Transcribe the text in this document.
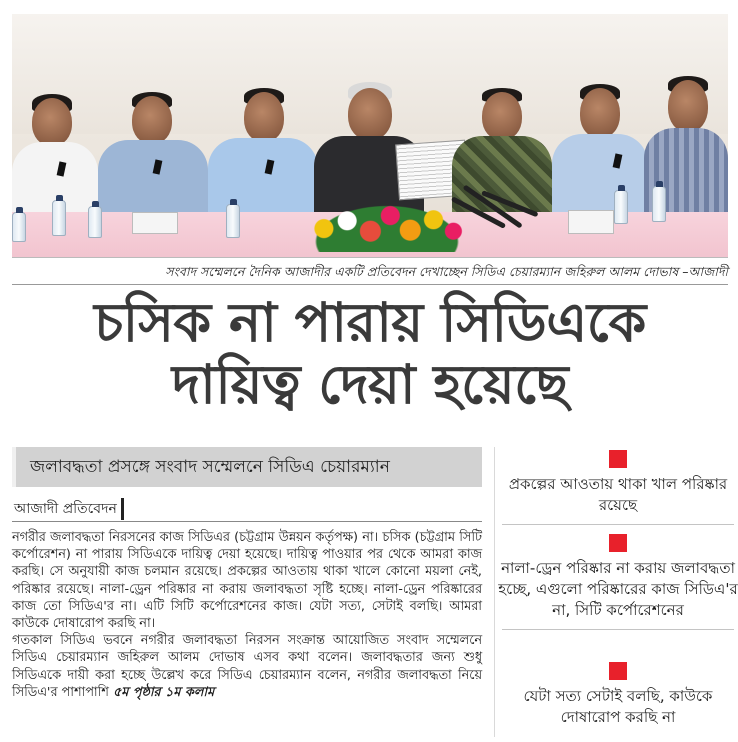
সংবাদ সম্মেলনে দৈনিক আজাদীর একটি প্রতিবেদন দেখাচ্ছেন সিডিএ চেয়ারম্যান জহিরুল আলম দোভাষ –আজাদী
চসিক না পারায় সিডিএকে
দায়িত্ব দেয়া হয়েছে
জলাবদ্ধতা প্রসঙ্গে সংবাদ সম্মেলনে সিডিএ চেয়ারম্যান
আজাদী প্রতিবেদন

নগরীর জলাবদ্ধতা নিরসনের কাজ সিডিএর (চট্টগ্রাম উন্নয়ন কর্তৃপক্ষ) না। চসিক (চট্টগ্রাম সিটি কর্পোরেশন) না পারায় সিডিএকে দায়িত্ব দেয়া হয়েছে। দায়িত্ব পাওয়ার পর থেকে আমরা কাজ করছি। সে অনুযায়ী কাজ চলমান রয়েছে। প্রকল্পের আওতায় থাকা খালে কোনো ময়লা নেই, পরিষ্কার রয়েছে। নালা-ড্রেন পরিষ্কার না করায় জলাবদ্ধতা সৃষ্টি হচ্ছে। নালা-ড্রেন পরিষ্কারের কাজ তো সিডিএ'র না। এটি সিটি কর্পোরেশনের কাজ। যেটা সত্য, সেটাই বলছি। আমরা কাউকে দোষারোপ করছি না।

গতকাল সিডিএ ভবনে নগরীর জলাবদ্ধতা নিরসন সংক্রান্ত আয়োজিত সংবাদ সম্মেলনে সিডিএ চেয়ারম্যান জহিরুল আলম দোভাষ এসব কথা বলেন। জলাবদ্ধতার জন্য শুধু সিডিএকে দায়ী করা হচ্ছে উল্লেখ করে সিডিএ চেয়ারম্যান বলেন, নগরীর জলাবদ্ধতা নিয়ে সিডিএ'র পাশাপাশি ৫ম পৃষ্ঠার ১ম কলাম

প্রকল্পের আওতায় থাকা খাল পরিষ্কার রয়েছে
নালা-ড্রেন পরিষ্কার না করায় জলাবদ্ধতা হচ্ছে, এগুলো পরিষ্কারের কাজ সিডিএ'র না, সিটি কর্পোরেশনের
যেটা সত্য সেটাই বলছি, কাউকে দোষারোপ করছি না
